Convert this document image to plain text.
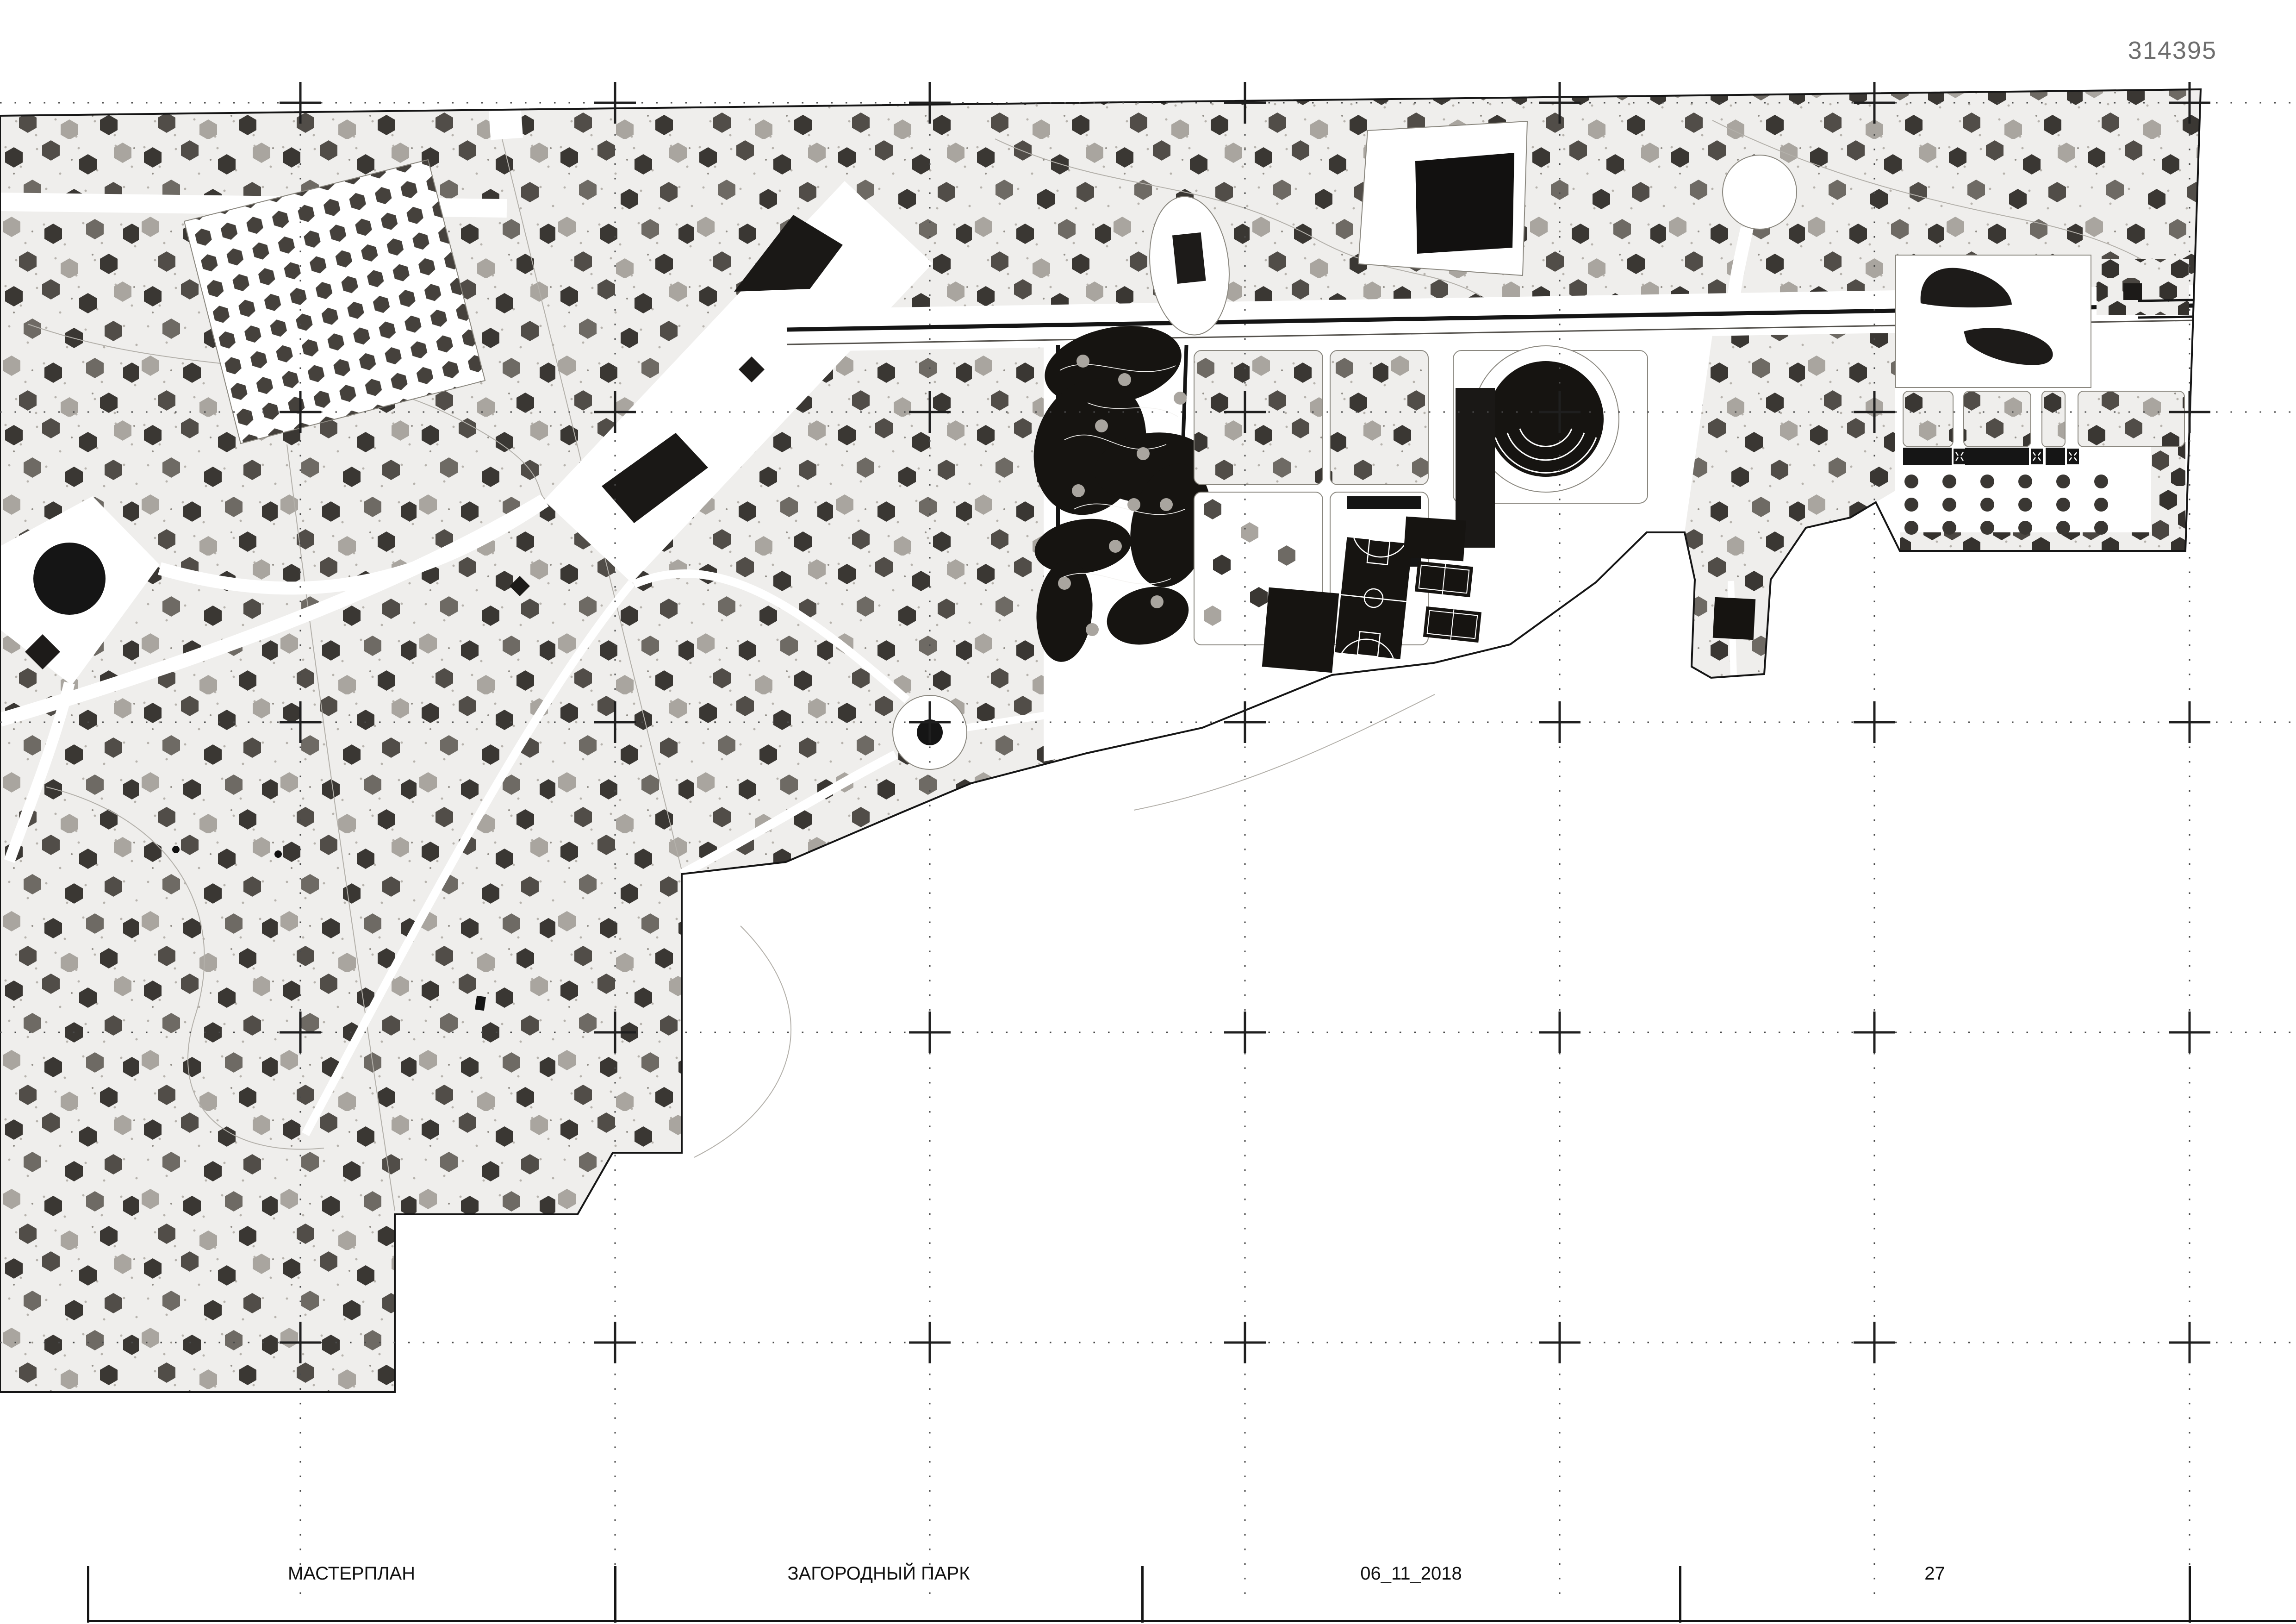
314395
МАСТЕРПЛАН	ЗАГОРОДНЫЙ ПАРК	06_11_2018	27
